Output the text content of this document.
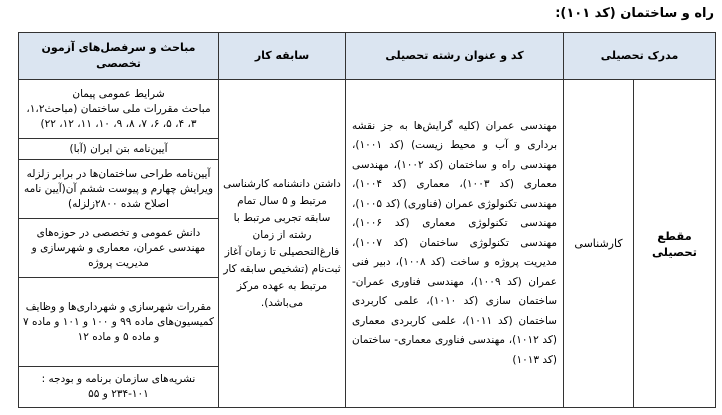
راه و ساختمان (کد ۱۰۱):
مدرک تحصیلی		کد و عنوان رشته تحصیلی	سابقه کار	مباحث و سرفصل‌های آزمون تخصصی
مقطع تحصیلی	کارشناسی	مهندسی عمران (کلیه گرایش‌ها به جز نقشه برداری و آب و محیط زیست) (کد ۱۰۰۱)، مهندسی راه و ساختمان (کد ۱۰۰۲)، مهندسی معماری (کد ۱۰۰۳)، معماری (کد ۱۰۰۴)، مهندسی تکنولوژی عمران (فناوری) (کد ۱۰۰۵)، مهندسی تکنولوژی معماری (کد ۱۰۰۶)، مهندسی تکنولوژی ساختمان (کد ۱۰۰۷)، مدیریت پروژه و ساخت (کد ۱۰۰۸)، دبیر فنی عمران (کد ۱۰۰۹)، مهندسی فناوری عمران- ساختمان سازی (کد ۱۰۱۰)، علمی کاربردی ساختمان (کد ۱۰۱۱)، علمی کاربردی معماری (کد ۱۰۱۲)، مهندسی فناوری معماری- ساختمان (کد ۱۰۱۳)	داشتن دانشنامه کارشناسی مرتبط و ۵ سال تمام سابقه تجربی مرتبط با رشته از زمان فارغ‌التحصیلی تا زمان آغاز ثبت‌نام (تشخیص سابقه کار مرتبط به عهده مرکز می‌باشد).	شرایط عمومی پیمان
مباحث مقررات ملی ساختمان (مباحث۱،۲، ۳، ۴، ۵، ۶، ۷، ۸، ۹، ۱۰، ۱۱، ۱۲، ۲۲)
				آیین‌نامه بتن ایران (آبا)
				آیین‌نامه طراحی ساختمان‌ها در برابر زلزله ویرایش چهارم و پیوست ششم آن(آیین نامه اصلاح شده ۲۸۰۰زلزله)
				دانش عمومی و تخصصی در حوزه‌های مهندسی عمران، معماری و شهرسازی و مدیریت پروژه
				مقررات شهرسازی و شهرداری‌ها و وظایف کمیسیون‌های ماده ۹۹ و ۱۰۰ و ۱۰۱ و ماده ۷ و ماده ۵ و ماده ۱۲
				نشریه‌های سازمان برنامه و بودجه : ۱۰۱-۲۳۴ و ۵۵
